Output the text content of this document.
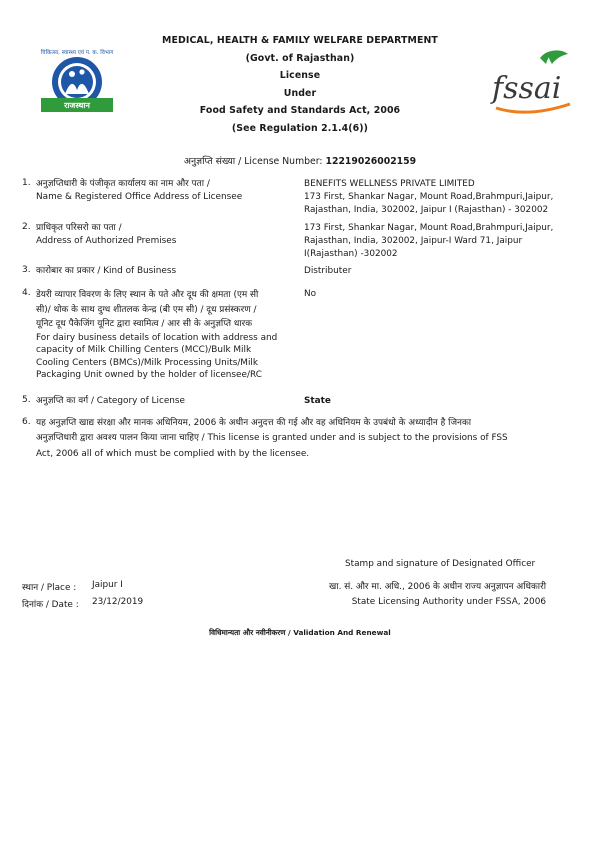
राजस्थान
चिकित्सा, स्वास्थ्य एवं प. क. विभाग
fssai
MEDICAL, HEALTH & FAMILY WELFARE DEPARTMENT
(Govt. of Rajasthan)
License
Under
Food Safety and Standards Act, 2006
(See Regulation 2.1.4(6))
अनुज्ञप्ति संख्या / License Number: 12219026002159
1. अनुज्ञप्तिधारी के पंजीकृत कार्यालय का नाम और पता /
Name & Registered Office Address of Licensee
BENEFITS WELLNESS PRIVATE LIMITED
173 First, Shankar Nagar, Mount Road,Brahmpuri,Jaipur,
Rajasthan, India, 302002, Jaipur I (Rajasthan) - 302002
2. प्राधिकृत परिसरो का पता /
Address of Authorized Premises
173 First, Shankar Nagar, Mount Road,Brahmpuri,Jaipur,
Rajasthan, India, 302002, Jaipur-I Ward 71, Jaipur
I(Rajasthan) -302002
3. कारोबार का प्रकार / Kind of Business	Distributer
4. डेयरी व्यापार विवरण के लिए स्थान के पते और दूध की क्षमता (एम सी
सी)/ थोक के साथ दुग्ध शीतलक केन्द्र (बी एम सी) / दूध प्रसंस्करण /
यूनिट दूध पैकेजिंग यूनिट द्वारा स्वामित्व / आर सी के अनुज्ञप्ति धारक
For dairy business details of location with address and
capacity of Milk Chilling Centers (MCC)/Bulk Milk
Cooling Centers (BMCs)/Milk Processing Units/Milk
Packaging Unit owned by the holder of licensee/RC
No
5. अनुज्ञप्ति का वर्ग / Category of License	State
6. यह अनुज्ञप्ति खाद्य संरक्षा और मानक अधिनियम, 2006 के अधीन अनुदत्त की गई और वह अधिनियम के उपबंधो के अध्यादीन है जिनका
अनुज्ञप्तिधारी द्वारा अवश्य पालन किया जाना चाहिए / This license is granted under and is subject to the provisions of FSS
Act, 2006 all of which must be complied with by the licensee.
Stamp and signature of Designated Officer
स्थान / Place : Jaipur I
दिनांक / Date : 23/12/2019
खा. सं. और मा. अधि., 2006 के अधीन राज्य अनुज्ञापन अधिकारी
State Licensing Authority under FSSA, 2006
विधिमान्यता और नवीनीकरण / Validation And Renewal
